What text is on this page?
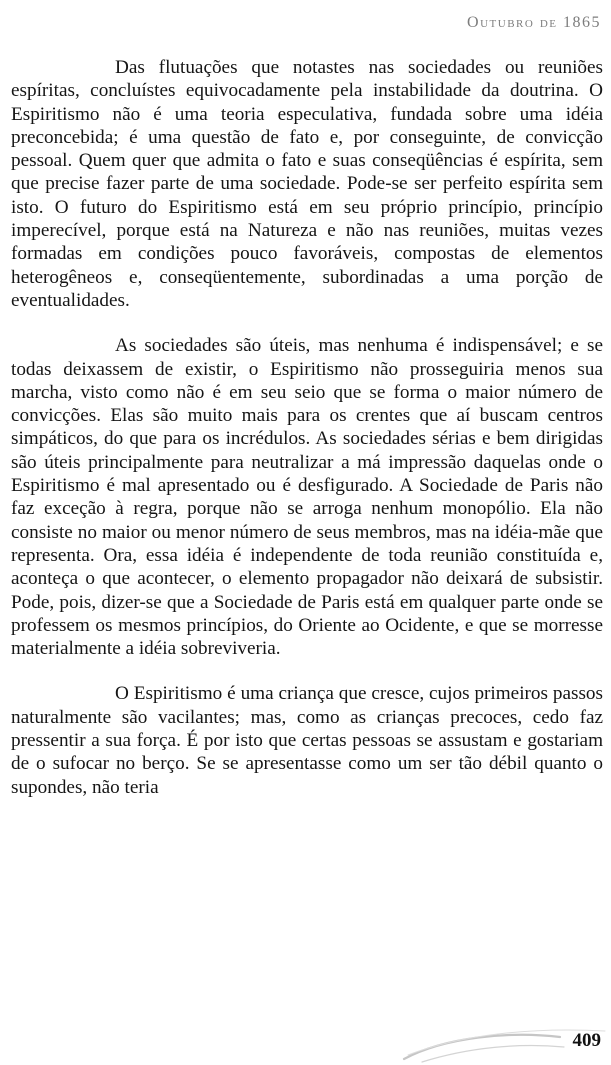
Outubro de 1865

Das flutuações que notastes nas sociedades ou reuniões espíritas, concluístes equivocadamente pela instabilidade da doutrina. O Espiritismo não é uma teoria especulativa, fundada sobre uma idéia preconcebida; é uma questão de fato e, por conseguinte, de convicção pessoal. Quem quer que admita o fato e suas conseqüências é espírita, sem que precise fazer parte de uma sociedade. Pode-se ser perfeito espírita sem isto. O futuro do Espiritismo está em seu próprio princípio, princípio imperecível, porque está na Natureza e não nas reuniões, muitas vezes formadas em condições pouco favoráveis, compostas de elementos heterogêneos e, conseqüentemente, subordinadas a uma porção de eventualidades.

As sociedades são úteis, mas nenhuma é indispensável; e se todas deixassem de existir, o Espiritismo não prosseguiria menos sua marcha, visto como não é em seu seio que se forma o maior número de convicções. Elas são muito mais para os crentes que aí buscam centros simpáticos, do que para os incrédulos. As sociedades sérias e bem dirigidas são úteis principalmente para neutralizar a má impressão daquelas onde o Espiritismo é mal apresentado ou é desfigurado. A Sociedade de Paris não faz exceção à regra, porque não se arroga nenhum monopólio. Ela não consiste no maior ou menor número de seus membros, mas na idéia-mãe que representa. Ora, essa idéia é independente de toda reunião constituída e, aconteça o que acontecer, o elemento propagador não deixará de subsistir. Pode, pois, dizer-se que a Sociedade de Paris está em qualquer parte onde se professem os mesmos princípios, do Oriente ao Ocidente, e que se morresse materialmente a idéia sobreviveria.

O Espiritismo é uma criança que cresce, cujos primeiros passos naturalmente são vacilantes; mas, como as crianças precoces, cedo faz pressentir a sua força. É por isto que certas pessoas se assustam e gostariam de o sufocar no berço. Se se apresentasse como um ser tão débil quanto o supondes, não teria

409
